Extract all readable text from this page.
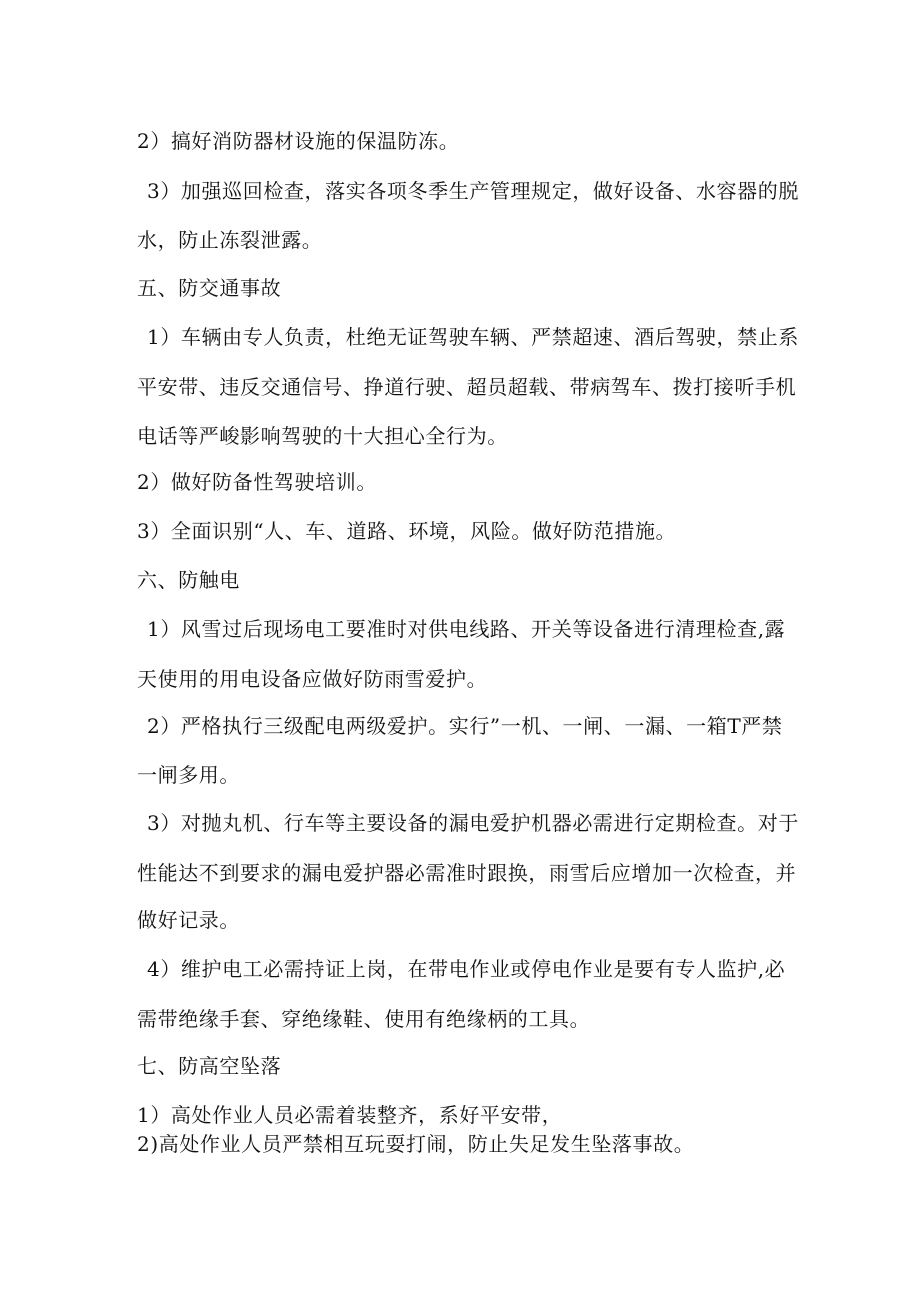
2）搞好消防器材设施的保温防冻。
3）加强巡回检查，落实各项冬季生产管理规定，做好设备、水容器的脱
水，防止冻裂泄露。
五、防交通事故
1）车辆由专人负责，杜绝无证驾驶车辆、严禁超速、酒后驾驶，禁止系
平安带、违反交通信号、挣道行驶、超员超载、带病驾车、拨打接听手机
电话等严峻影响驾驶的十大担心全行为。
2）做好防备性驾驶培训。
3）全面识别“人、车、道路、环境，风险。做好防范措施。
六、防触电
1）风雪过后现场电工要准时对供电线路、开关等设备进行清理检查,露
天使用的用电设备应做好防雨雪爱护。
2）严格执行三级配电两级爱护。实行”一机、一闸、一漏、一箱T严禁
一闸多用。
3）对抛丸机、行车等主要设备的漏电爱护机器必需进行定期检查。对于
性能达不到要求的漏电爱护器必需准时跟换，雨雪后应增加一次检查，并
做好记录。
4）维护电工必需持证上岗，在带电作业或停电作业是要有专人监护,必
需带绝缘手套、穿绝缘鞋、使用有绝缘柄的工具。
七、防高空坠落
1）高处作业人员必需着装整齐，系好平安带，
2)高处作业人员严禁相互玩耍打闹，防止失足发生坠落事故。
